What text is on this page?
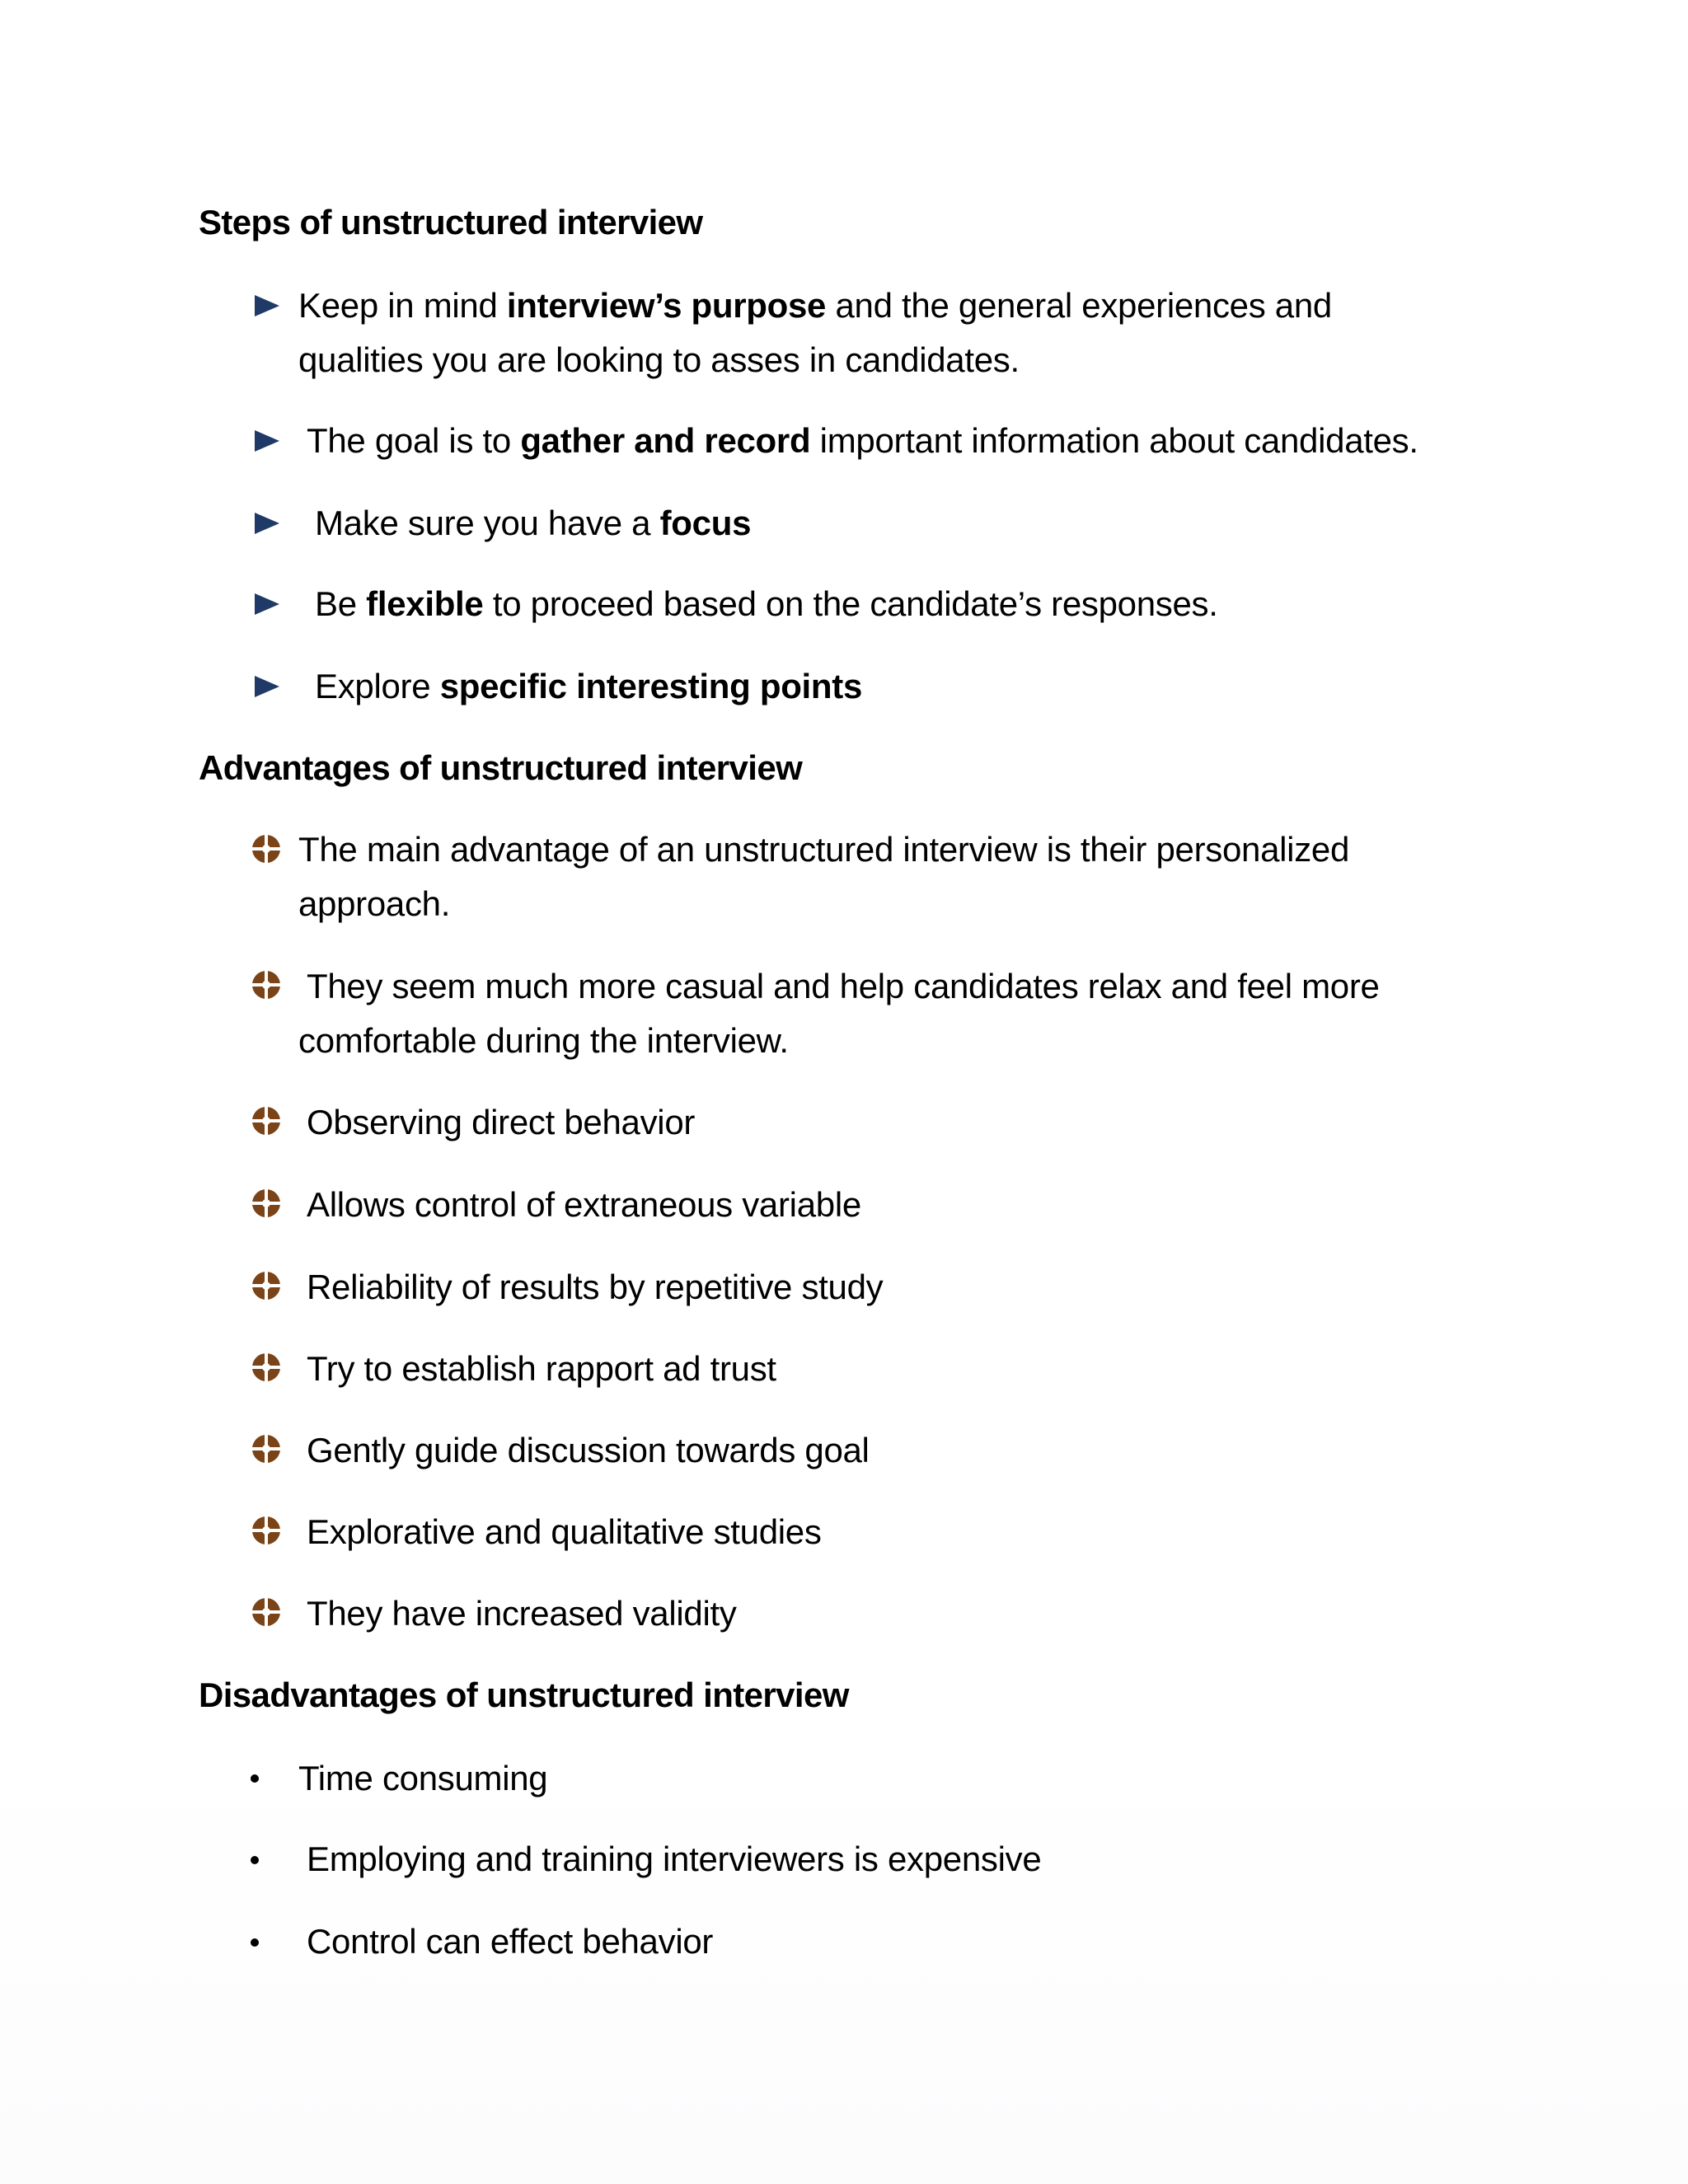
Steps of unstructured interview
Keep in mind interview’s purpose and the general experiences and
qualities you are looking to asses in candidates.
The goal is to gather and record important information about candidates.
Make sure you have a focus
Be flexible to proceed based on the candidate’s responses.
Explore specific interesting points
Advantages of unstructured interview
The main advantage of an unstructured interview is their personalized
approach.
They seem much more casual and help candidates relax and feel more
comfortable during the interview.
Observing direct behavior
Allows control of extraneous variable
Reliability of results by repetitive study
Try to establish rapport ad trust
Gently guide discussion towards goal
Explorative and qualitative studies
They have increased validity
Disadvantages of unstructured interview
Time consuming
Employing and training interviewers is expensive
Control can effect behavior
